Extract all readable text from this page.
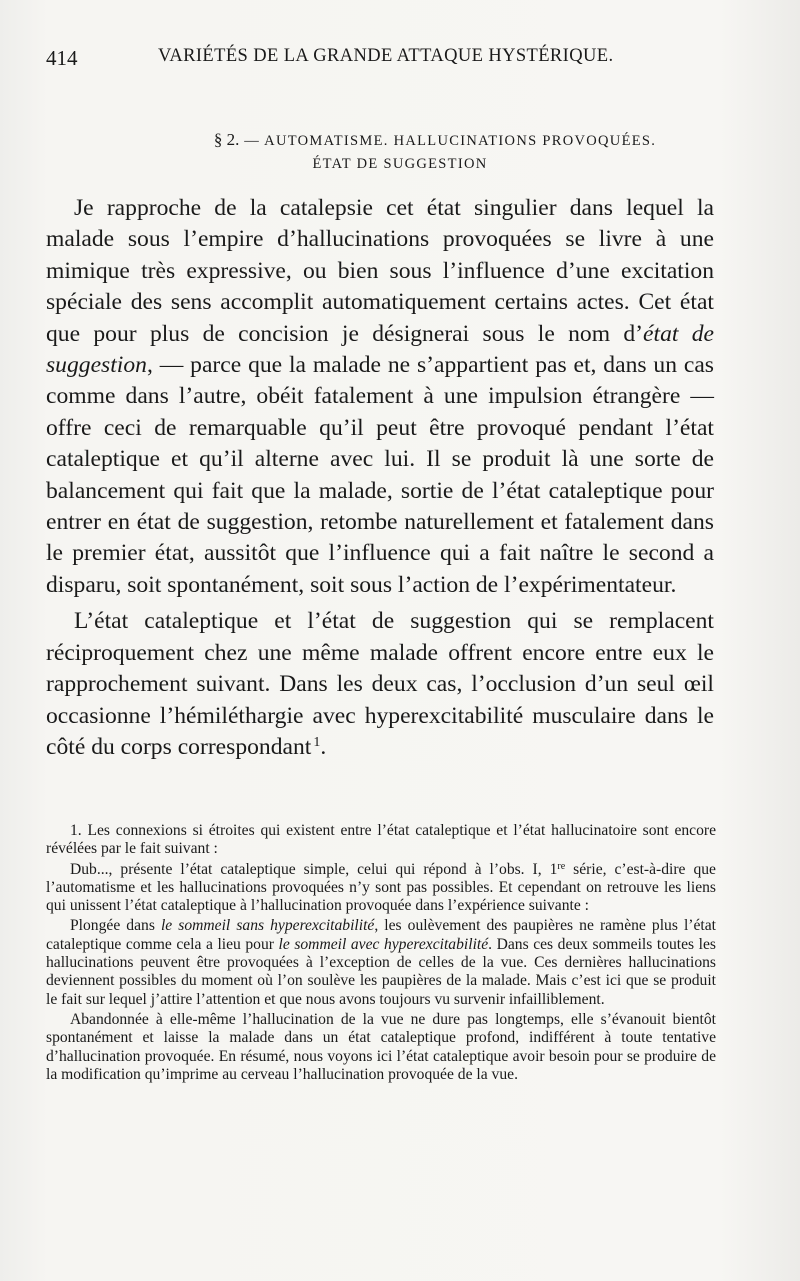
414	VARIÉTÉS DE LA GRANDE ATTAQUE HYSTÉRIQUE.
§ 2. — AUTOMATISME. HALLUCINATIONS PROVOQUÉES.
ÉTAT DE SUGGESTION

Je rapproche de la catalepsie cet état singulier dans lequel la malade sous l’empire d’hallucinations provoquées se livre à une mimique très expressive, ou bien sous l’influence d’une excitation spéciale des sens accomplit automatiquement certains actes. Cet état que pour plus de concision je désignerai sous le nom d’état de suggestion, — parce que la malade ne s’appartient pas et, dans un cas comme dans l’autre, obéit fatalement à une impulsion étrangère — offre ceci de remarquable qu’il peut être provoqué pendant l’état cataleptique et qu’il alterne avec lui. Il se produit là une sorte de balancement qui fait que la malade, sortie de l’état cataleptique pour entrer en état de suggestion, retombe naturellement et fatalement dans le premier état, aussitôt que l’influence qui a fait naître le second a disparu, soit spontanément, soit sous l’action de l’expérimentateur.

L’état cataleptique et l’état de suggestion qui se remplacent réciproquement chez une même malade offrent encore entre eux le rapprochement suivant. Dans les deux cas, l’occlusion d’un seul œil occasionne l’hémiléthargie avec hyperexcitabilité musculaire dans le côté du corps correspondant  $^1$.

1. Les connexions si étroites qui existent entre l’état cataleptique et l’état hallucinatoire sont encore révélées par le fait suivant :

Dub..., présente l’état cataleptique simple, celui qui répond à l’obs. I, 1re série, c’est-à-dire que l’automatisme et les hallucinations provoquées n’y sont pas possibles. Et cependant on retrouve les liens qui unissent l’état cataleptique à l’hallucination provoquée dans l’expérience suivante :

Plongée dans le sommeil sans hyperexcitabilité, les oulèvement des paupières ne ramène plus l’état cataleptique comme cela a lieu pour le sommeil avec hyperexcitabilité. Dans ces deux sommeils toutes les hallucinations peuvent être provoquées à l’exception de celles de la vue. Ces dernières hallucinations deviennent possibles du moment où l’on soulève les paupières de la malade. Mais c’est ici que se produit le fait sur lequel j’attire l’attention et que nous avons toujours vu survenir infailliblement.

Abandonnée à elle-même l’hallucination de la vue ne dure pas longtemps, elle s’évanouit bientôt spontanément et laisse la malade dans un état cataleptique profond, indifférent à toute tentative d’hallucination provoquée. En résumé, nous voyons ici l’état cataleptique avoir besoin pour se produire de la modification qu’imprime au cerveau l’hallucination provoquée de la vue.
